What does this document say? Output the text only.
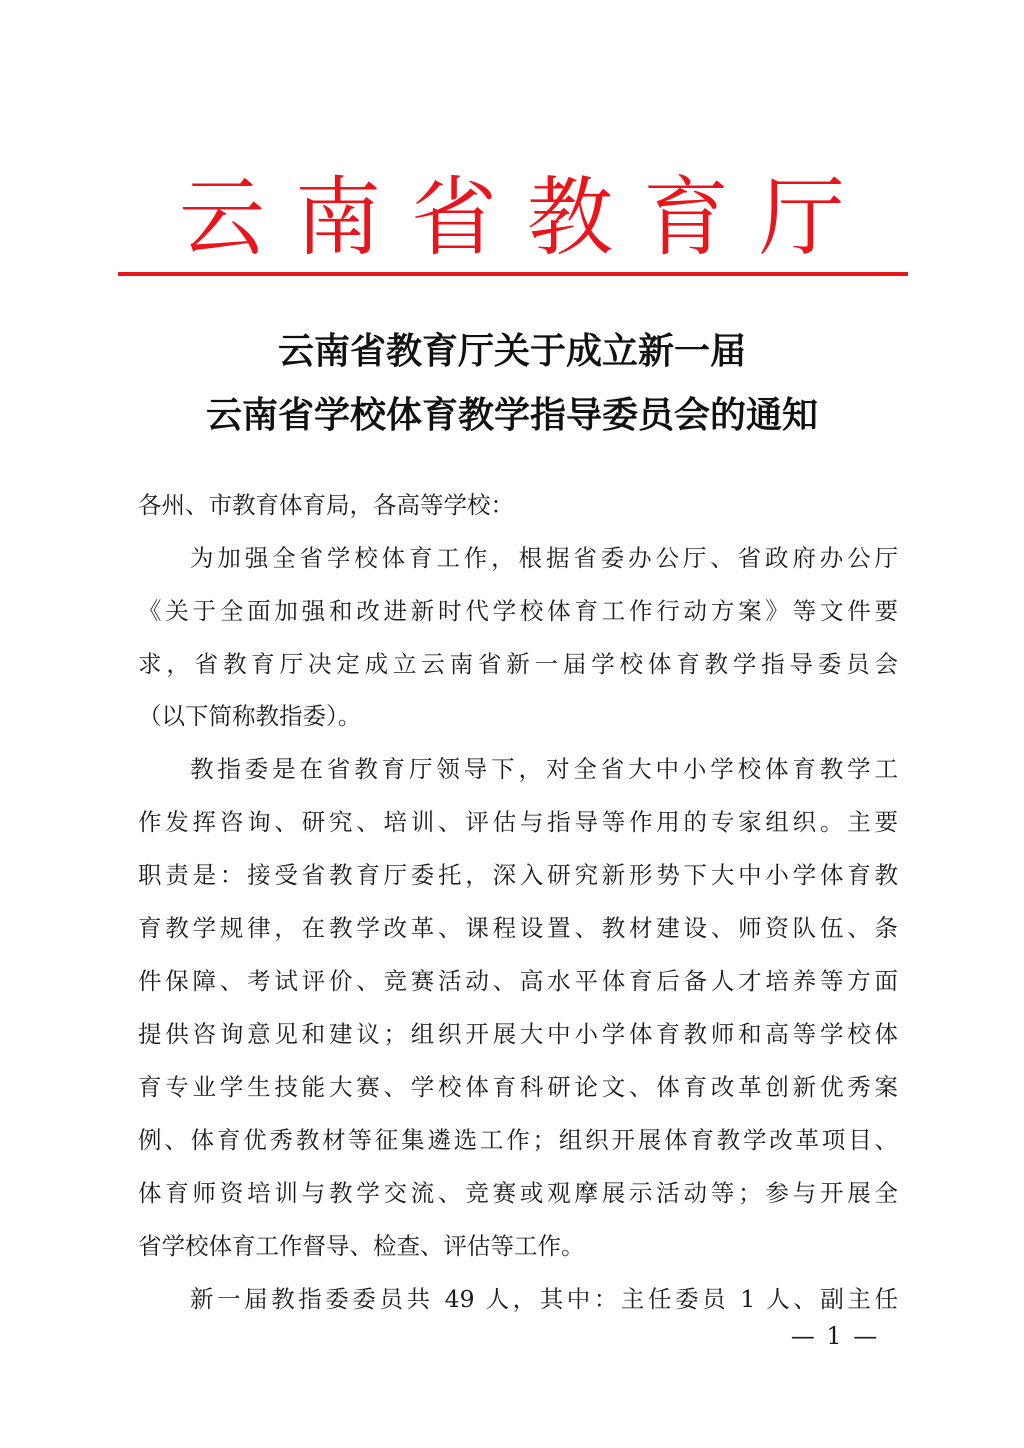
云南省教育厅
云南省教育厅关于成立新一届
云南省学校体育教学指导委员会的通知
各州、市教育体育局，各高等学校：
为加强全省学校体育工作，根据省委办公厅、省政府办公厅
《关于全面加强和改进新时代学校体育工作行动方案》等文件要
求，省教育厅决定成立云南省新一届学校体育教学指导委员会
（以下简称教指委）。
教指委是在省教育厅领导下，对全省大中小学校体育教学工
作发挥咨询、研究、培训、评估与指导等作用的专家组织。主要
职责是：接受省教育厅委托，深入研究新形势下大中小学体育教
育教学规律，在教学改革、课程设置、教材建设、师资队伍、条
件保障、考试评价、竞赛活动、高水平体育后备人才培养等方面
提供咨询意见和建议；组织开展大中小学体育教师和高等学校体
育专业学生技能大赛、学校体育科研论文、体育改革创新优秀案
例、体育优秀教材等征集遴选工作；组织开展体育教学改革项目、
体育师资培训与教学交流、竞赛或观摩展示活动等；参与开展全
省学校体育工作督导、检查、评估等工作。
新一届教指委委员共 49 人，其中：主任委员 1 人、副主任
— 1 —
